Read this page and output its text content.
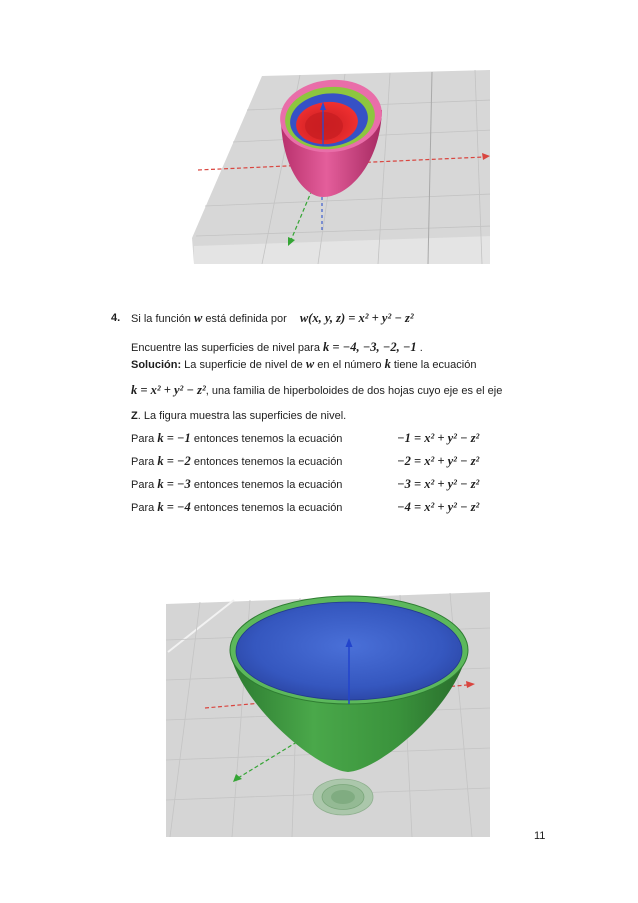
4. Si la función w está definida por w(x, y, z) = x² + y² − z²
Encuentre las superficies de nivel para k = −4, −3, −2, −1 .
Solución: La superficie de nivel de w en el número k tiene la ecuación
k = x² + y² − z², una familia de hiperboloides de dos hojas cuyo eje es el eje
Z. La figura muestra las superficies de nivel.
Para k = −1 entonces tenemos la ecuación	−1 = x² + y² − z²
Para k = −2 entonces tenemos la ecuación	−2 = x² + y² − z²
Para k = −3 entonces tenemos la ecuación	−3 = x² + y² − z²
Para k = −4 entonces tenemos la ecuación	−4 = x² + y² − z²
11
